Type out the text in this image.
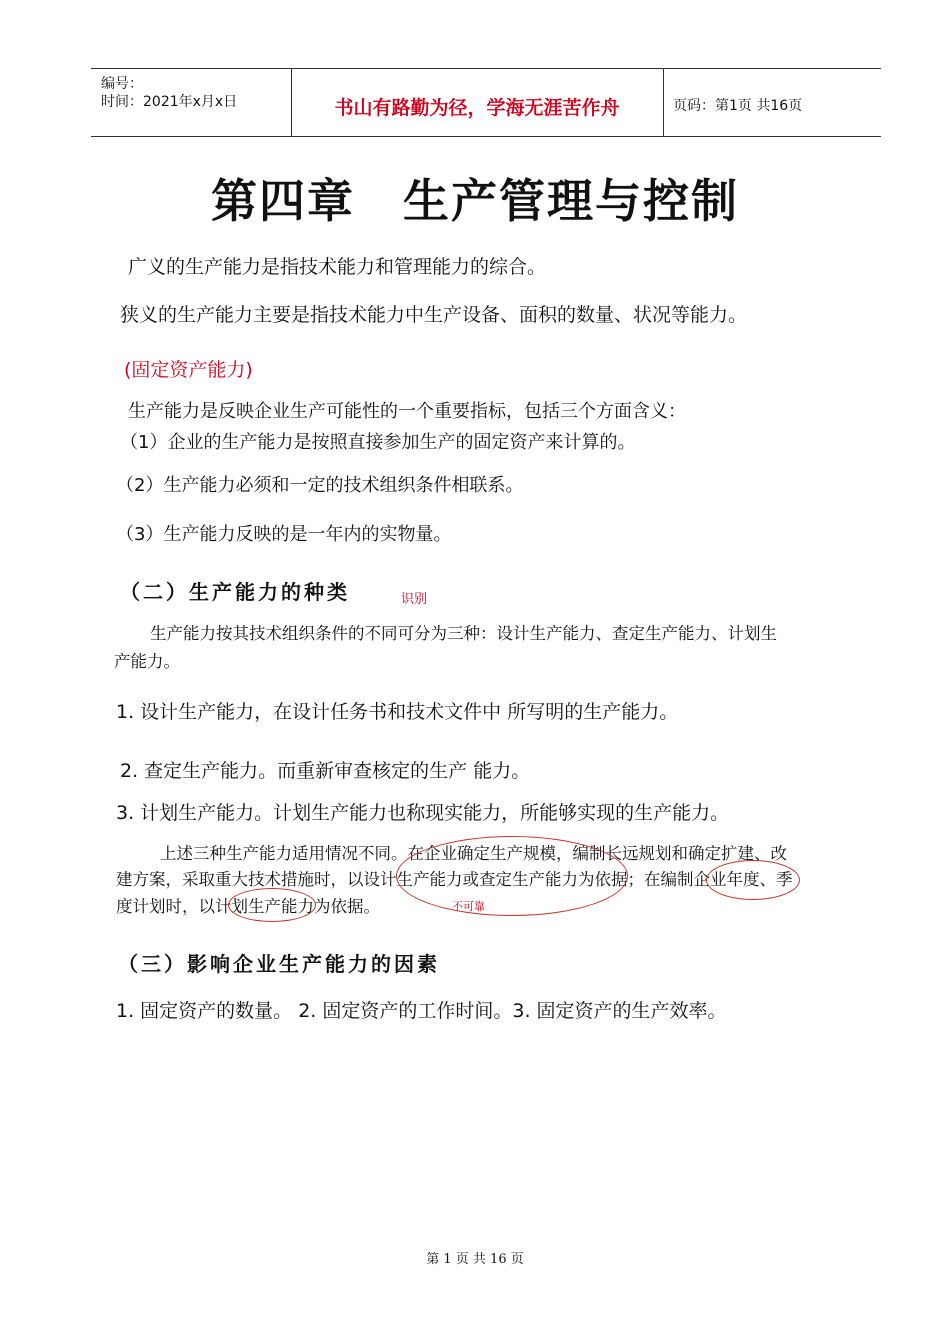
编号：
时间：2021年x月x日	书山有路勤为径，学海无涯苦作舟	页码：第1页 共16页
第四章　生产管理与控制
广义的生产能力是指技术能力和管理能力的综合。
狭义的生产能力主要是指技术能力中生产设备、面积的数量、状况等能力。
(固定资产能力)
生产能力是反映企业生产可能性的一个重要指标，包括三个方面含义：
（1）企业的生产能力是按照直接参加生产的固定资产来计算的。
（2）生产能力必须和一定的技术组织条件相联系。
（3）生产能力反映的是一年内的实物量。
（二）生产能力的种类	识别
生产能力按其技术组织条件的不同可分为三种：设计生产能力、查定生产能力、计划生
产能力。
1. 设计生产能力，在设计任务书和技术文件中 所写明的生产能力。
2. 查定生产能力。而重新审查核定的生产 能力。
3. 计划生产能力。计划生产能力也称现实能力，所能够实现的生产能力。
上述三种生产能力适用情况不同。在企业确定生产规模，编制长远规划和确定扩建、改
建方案，采取重大技术措施时，以设计生产能力或查定生产能力为依据；在编制企业年度、季
度计划时，以计划生产能力为依据。	不可靠
（三）影响企业生产能力的因素
1. 固定资产的数量。 2. 固定资产的工作时间。3. 固定资产的生产效率。
第 1 页 共 16 页
